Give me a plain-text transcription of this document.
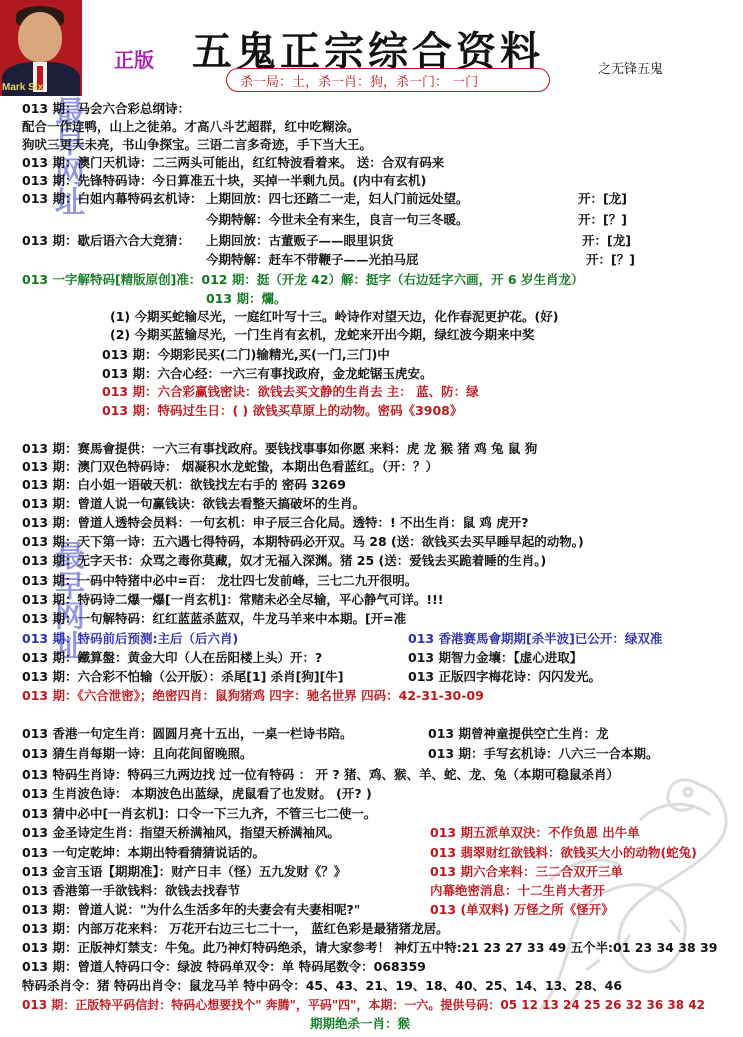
Mark Six
正版 五鬼正宗综合资料	之无锋五鬼
杀一局：土，杀一肖：狗，杀一门： 一门
最早网址
最早网址
013 期：马会六合彩总纲诗：
配合一作连鸭，山上之徒弟。才高八斗艺超群，红中吃糊涂。
狗吠三更天未亮，书山争探宝。三语二言多奇迹，手下当大王。
013 期：澳门天机诗：二三两头可能出，红红特波看着来。 送：合双有码来
013 期：先锋特码诗：今日算准五十块，买掉一半剩九员。(内中有玄机)
013 期：白姐内幕特码玄机诗： 上期回放：四七还踏二一走，妇人门前远处望。	开：[龙]
今期特解：今世未全有来生，良言一句三冬暖。	开：[？]
013 期：歇后语六合大竞猜： 上期回放：古董贩子——眼里识货	开：[龙]
今期特解：赶车不带鞭子——光拍马屁	开：[？]
013 一字解特码[精版原创]准：012 期：挺（开龙 42）解：挺字（右边廷字六画，开 6 岁生肖龙）
013 期：爛。
(1) 今期买蛇输尽光，一庭红叶写十三。岭诗作对望天边，化作春泥更护花。(好)
(2) 今期买蓝输尽光，一门生肖有玄机，龙蛇来开出今期，绿红波今期来中奖
013 期：今期彩民买(二门)输精光,买(一门,三门)中
013 期：六合心经：一六三有事找政府，金龙蛇锯玉虎安。
013 期：六合彩赢钱密诀：欲钱去买文静的生肖去 主： 蓝、防：绿
013 期：特码过生日：( ) 欲钱买草原上的动物。密码《3908》
013 期：赛馬會提供：一六三有事找政府。要钱找事事如你愿 来料：虎 龙 猴 猪 鸡 兔 鼠 狗
013 期：澳门双色特码诗： 烟凝积水龙蛇蛰，本期出色看蓝红。（开：？）
013 期：白小姐一语破天机：欲钱找左右手的 密码 3269
013 期：曾道人说一句赢钱诀：欲钱去看整天搞破坏的生肖。
013 期：曾道人透特会员料：一句玄机：申子辰三合化局。透特：! 不出生肖：鼠 鸡 虎开?
013 期：天下第一诗：五六遇七得特码，本期特码必开双。马 28 (送：欲钱买去买早睡早起的动物。)
013 期：无字天书：众骂之毒你莫藏，奴才无福入深渊。猪 25 (送：爱钱去买跪着睡的生肖。)
013 期：一码中特猪中必中=百： 龙壮四七发前峰，三七二九开很明。
013 期：特码诗二爆一爆[一肖玄机]：常赌未必全尽输，平心静气可详。!!!
013 期：一句解特码：红红蓝蓝杀蓝双，牛龙马羊来中本期。[开=准
013 期：特码前后预测:主后（后六肖)	013 香港赛馬會期期[杀半波]已公开：绿双准
013 期：鐵算盤：黄金大印（人在岳阳楼上头）开：?	013 期智力金壤：【虚心进取】
013 期：六合彩不怕输（公开版）：杀尾[1] 杀肖[狗][牛]	013 正版四字梅花诗：闪闪发光。
013 期：《六合泄密》；绝密四肖：鼠狗猪鸡 四字：驰名世界 四码：42-31-30-09
013 香港一句定生肖：圆圆月亮十五出，一桌一栏诗书陪。	013 期曾神童提供空亡生肖：龙
013 猜生肖每期一诗：且向花间留晚照。	013 期：手写玄机诗：八六三一合本期。
013 特码生肖诗：特码三九两边找 过一位有特码 ： 开 ? 猪、鸡、猴、羊、蛇、龙、兔（本期可稳鼠杀肖）
013 生肖波色诗： 本期波色出蓝绿，虎鼠看了也发财。 (开? )
013 猜中必中[一肖玄机]：口令一下三九齐，不管三七二使一。
013 金圣诗定生肖：指望天桥满袖风，指望天桥满袖风。	013 期五派单双決：不作负恩 出牛单
013 一句定乾坤：本期出特看猜猜说话的。	013 翡翠财红欲钱料：欲钱买大小的动物(蛇兔)
013 金言玉语【期期准】：财产日丰（怪）五九发财《？》	013 期六合来料：三二合双开三单
013 香港第一手欲钱料：欲钱去找春节	内幕绝密消息：十二生肖大者开
013 期：曾道人说："为什么生活多年的夫妻会有夫妻相呢?"	013 (单双料) 万怪之所《怪开》
013 期：内部万花来料： 万花开右边三七二十一， 蓝红色彩是最猪猪龙居。
013 期：正版神灯禁支：牛兔。此乃神灯特码绝杀，请大家参考！ 神灯五中特:21 23 27 33 49 五个半:01 23 34 38 39
013 期：曾道人特码口令：绿波 特码单双令：单 特码尾数令：068359
特码杀肖令：猪 特码出肖令：鼠龙马羊 特中码令：45、43、21、19、18、40、25、14、13、28、46
013 期：正版特平码信封：特码心想要找个" 奔腾"，平码"四"，本期：一六。提供号码：05 12 13 24 25 26 32 36 38 42
期期绝杀一肖：猴
